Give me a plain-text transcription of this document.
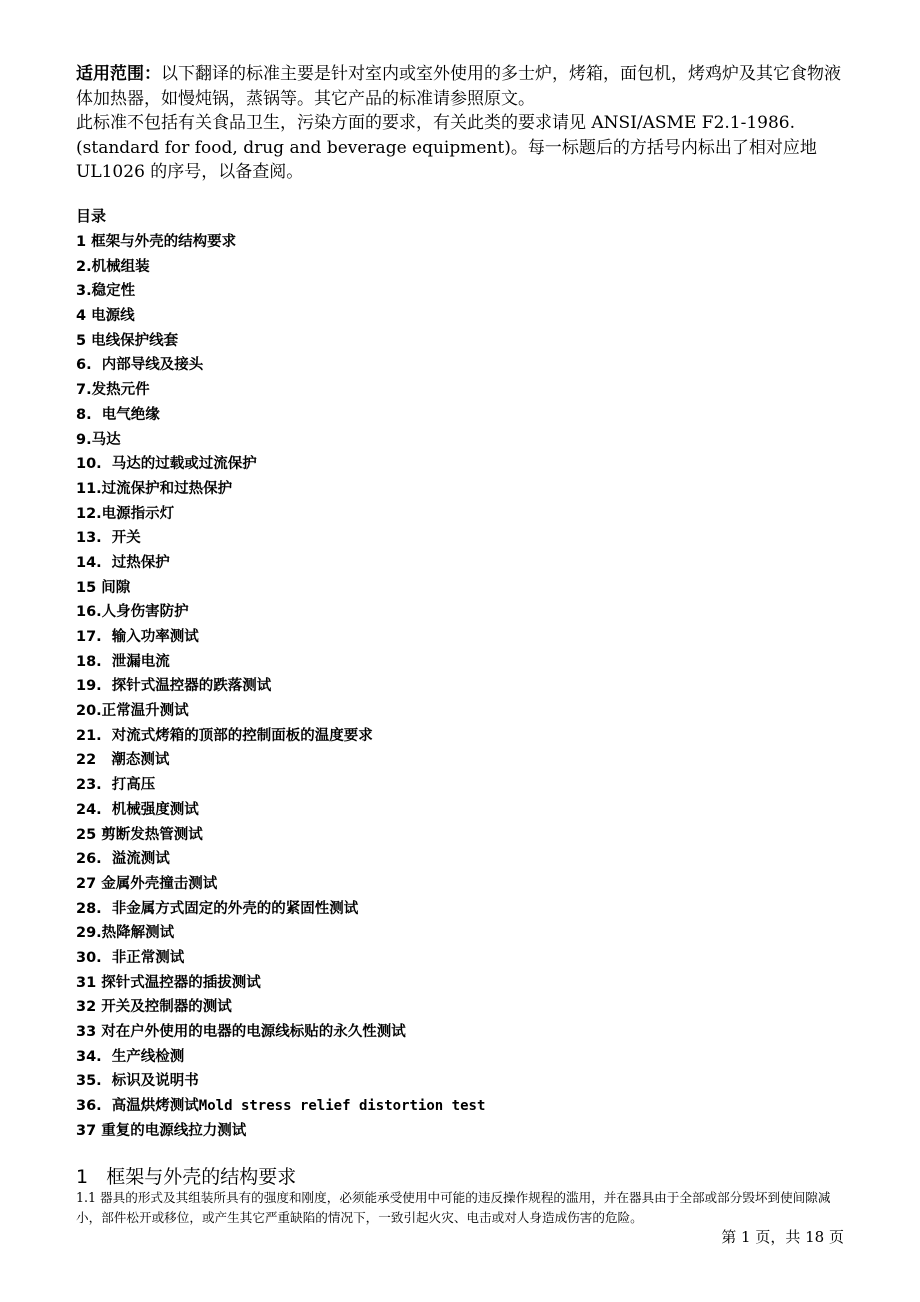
适用范围：以下翻译的标准主要是针对室内或室外使用的多士炉，烤箱，面包机，烤鸡炉及其它食物液体加热器，如慢炖锅，蒸锅等。其它产品的标准请参照原文。

此标准不包括有关食品卫生，污染方面的要求，有关此类的要求请见 ANSI/ASME F2.1-1986. (standard for food, drug and beverage equipment)。每一标题后的方括号内标出了相对应地 UL1026 的序号，以备查阅。

目录
1 框架与外壳的结构要求
2.机械组装
3.稳定性
4 电源线
5 电线保护线套
6.  内部导线及接头
7.发热元件
8.  电气绝缘
9.马达
10.  马达的过载或过流保护
11.过流保护和过热保护
12.电源指示灯
13.  开关
14.  过热保护
15 间隙
16.人身伤害防护
17.  输入功率测试
18.  泄漏电流
19.  探针式温控器的跌落测试
20.正常温升测试
21.  对流式烤箱的顶部的控制面板的温度要求
22   潮态测试
23.  打高压
24.  机械强度测试
25 剪断发热管测试
26.  溢流测试
27 金属外壳撞击测试
28.  非金属方式固定的外壳的的紧固性测试
29.热降解测试
30.  非正常测试
31 探针式温控器的插拔测试
32 开关及控制器的测试
33 对在户外使用的电器的电源线标贴的永久性测试
34.  生产线检测
35.  标识及说明书
36.  高温烘烤测试Mold stress relief distortion test
37 重复的电源线拉力测试
1   框架与外壳的结构要求

1.1 器具的形式及其组装所具有的强度和刚度，必须能承受使用中可能的违反操作规程的滥用，并在器具由于全部或部分毁坏到使间隙减小，部件松开或移位，或产生其它严重缺陷的情况下，一致引起火灾、电击或对人身造成伤害的危险。

第 1 页，共 18 页
